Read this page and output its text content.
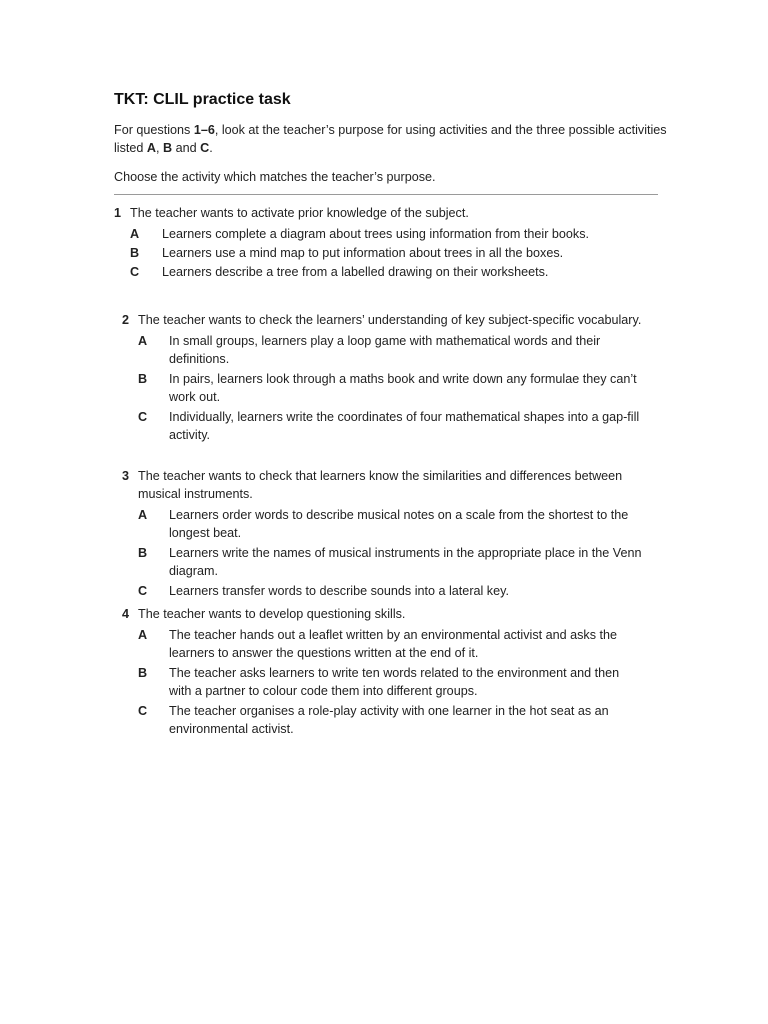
TKT: CLIL practice task

For questions 1–6, look at the teacher’s purpose for using activities and the three possible activities listed A, B and C.

Choose the activity which matches the teacher’s purpose.

1 The teacher wants to activate prior knowledge of the subject.
A	Learners complete a diagram about trees using information from their books.
B	Learners use a mind map to put information about trees in all the boxes.
C	Learners describe a tree from a labelled drawing on their worksheets.
2 The teacher wants to check the learners’ understanding of key subject-specific vocabulary.
A	In small groups, learners play a loop game with mathematical words and their definitions.
B	In pairs, learners look through a maths book and write down any formulae they can’t work out.
C	Individually, learners write the coordinates of four mathematical shapes into a gap-fill activity.
3 The teacher wants to check that learners know the similarities and differences between musical instruments.
A	Learners order words to describe musical notes on a scale from the shortest to the longest beat.
B	Learners write the names of musical instruments in the appropriate place in the Venn diagram.
C	Learners transfer words to describe sounds into a lateral key.
4 The teacher wants to develop questioning skills.
A	The teacher hands out a leaflet written by an environmental activist and asks the learners to answer the questions written at the end of it.
B	The teacher asks learners to write ten words related to the environment and then with a partner to colour code them into different groups.
C	The teacher organises a role-play activity with one learner in the hot seat as an environmental activist.
